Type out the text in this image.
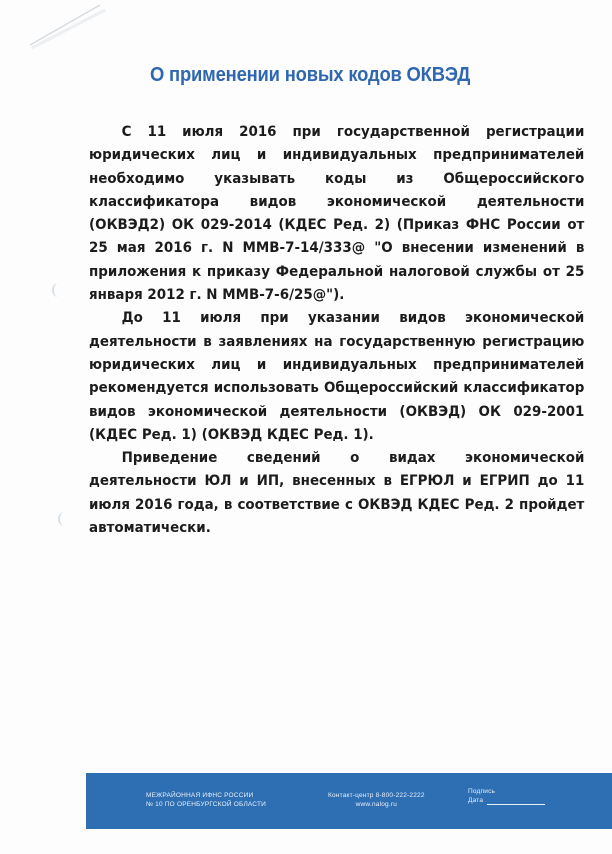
О применении новых кодов ОКВЭД

С 11 июля 2016 при государственной регистрации юридических лиц и индивидуальных предпринимателей необходимо указывать коды из Общероссийского классификатора видов экономической деятельности (ОКВЭД2) ОК 029-2014 (КДЕС Ред. 2) (Приказ ФНС России от 25 мая 2016 г. N ММВ-7-14/333@ "О внесении изменений в приложения к приказу Федеральной налоговой службы от 25 января 2012 г. N ММВ-7-6/25@").

До 11 июля при указании видов экономической деятельности в заявлениях на государственную регистрацию юридических лиц и индивидуальных предпринимателей рекомендуется использовать Общероссийский классификатор видов экономической деятельности (ОКВЭД) ОК 029-2001 (КДЕС Ред. 1) (ОКВЭД КДЕС Ред. 1).

Приведение сведений о видах экономической деятельности ЮЛ и ИП, внесенных в ЕГРЮЛ и ЕГРИП до 11 июля 2016 года, в соответствие с ОКВЭД КДЕС Ред. 2 пройдет автоматически.

МЕЖРАЙОННАЯ ИФНС РОССИИ
№ 10 ПО ОРЕНБУРГСКОЙ ОБЛАСТИ
Контакт-центр 8-800-222-2222
www.nalog.ru
Подпись
Дата
